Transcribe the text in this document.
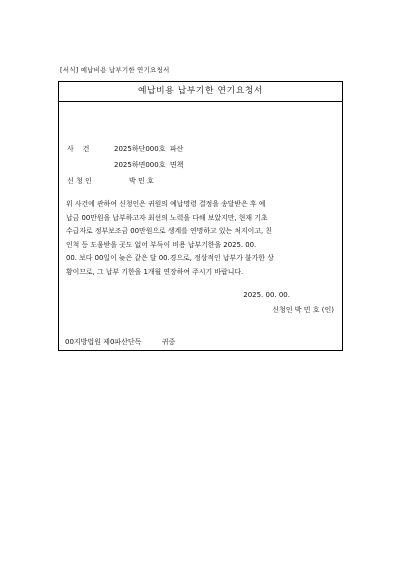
[서식] 예납비용 납부기한 연기요청서
예납비용 납부기한 연기요청서
사    건	2025하단000호  파산
2025하면000호  면책
신 청 인	박 민 호
위 사건에 관하여 신청인은 귀원의 예납명령 결정을 송달받은 후 예
납금 00만원을 납부하고자 최선의 노력을 다해 보았지만, 현재 기초
수급자로 정부보조금 00만원으로 생계를 연명하고 있는 처지이고, 친
인척 등 도움받을 곳도 없어 부득이 비용 납부기한을 2025. 00.
00. 보다 00일이 늦은 같은 달 00.경으로, 정상적인 납부가 불가한 상
황이므로, 그 납부 기한을 1개월 연장하여 주시기 바랍니다.
2025. 00. 00.
신청인 박 민 호 (인)
00지방법원 제0파산단독	귀중
